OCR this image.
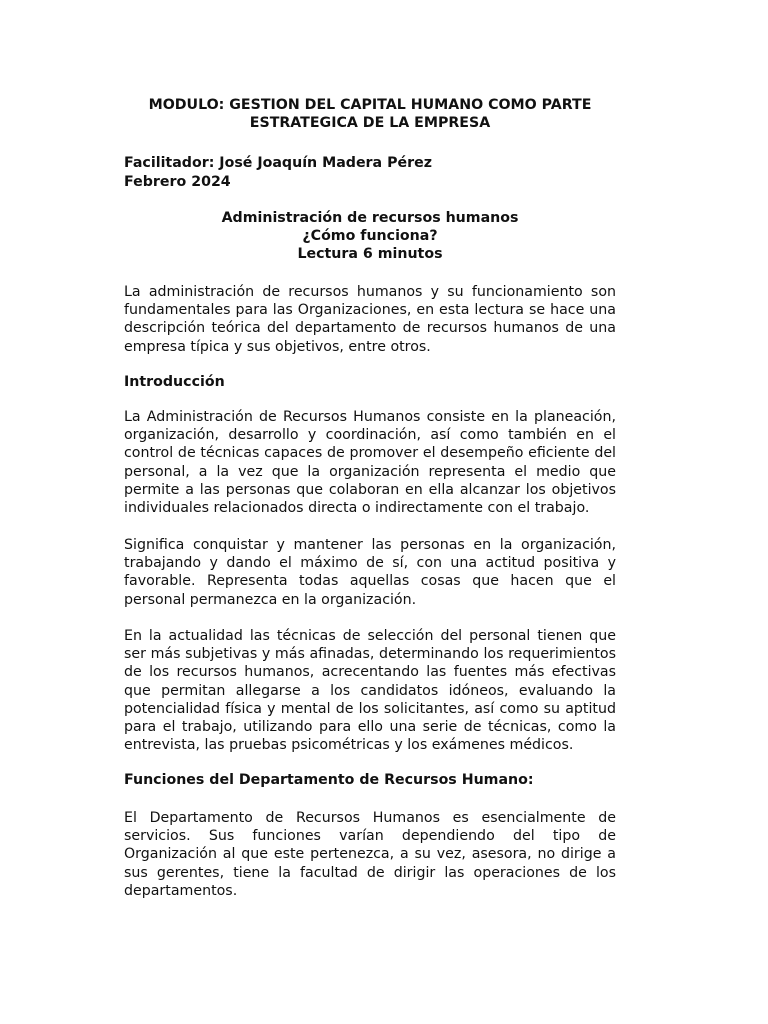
MODULO: GESTION DEL CAPITAL HUMANO COMO PARTE
ESTRATEGICA DE LA EMPRESA
Facilitador: José Joaquín Madera Pérez
Febrero 2024
Administración de recursos humanos
¿Cómo funciona?
Lectura 6 minutos

La administración de recursos humanos y su funcionamiento son fundamentales para las Organizaciones, en esta lectura se hace una descripción teórica del departamento de recursos humanos de una empresa típica y sus objetivos, entre otros.

Introducción

La Administración de Recursos Humanos consiste en la planeación, organización, desarrollo y coordinación, así como también en el control de técnicas capaces de promover el desempeño eficiente del personal, a la vez que la organización representa el medio que permite a las personas que colaboran en ella alcanzar los objetivos individuales relacionados directa o indirectamente con el trabajo.

Significa conquistar y mantener las personas en la organización, trabajando y dando el máximo de sí, con una actitud positiva y favorable. Representa todas aquellas cosas que hacen que el personal permanezca en la organización.

En la actualidad las técnicas de selección del personal tienen que ser más subjetivas y más afinadas, determinando los requerimientos de los recursos humanos, acrecentando las fuentes más efectivas que permitan allegarse a los candidatos idóneos, evaluando la potencialidad física y mental de los solicitantes, así como su aptitud para el trabajo, utilizando para ello una serie de técnicas, como la entrevista, las pruebas psicométricas y los exámenes médicos.

Funciones del Departamento de Recursos Humano:

El Departamento de Recursos Humanos es esencialmente de servicios. Sus funciones varían dependiendo del tipo de Organización al que este pertenezca, a su vez, asesora, no dirige a sus gerentes, tiene la facultad de dirigir las operaciones de los departamentos.
